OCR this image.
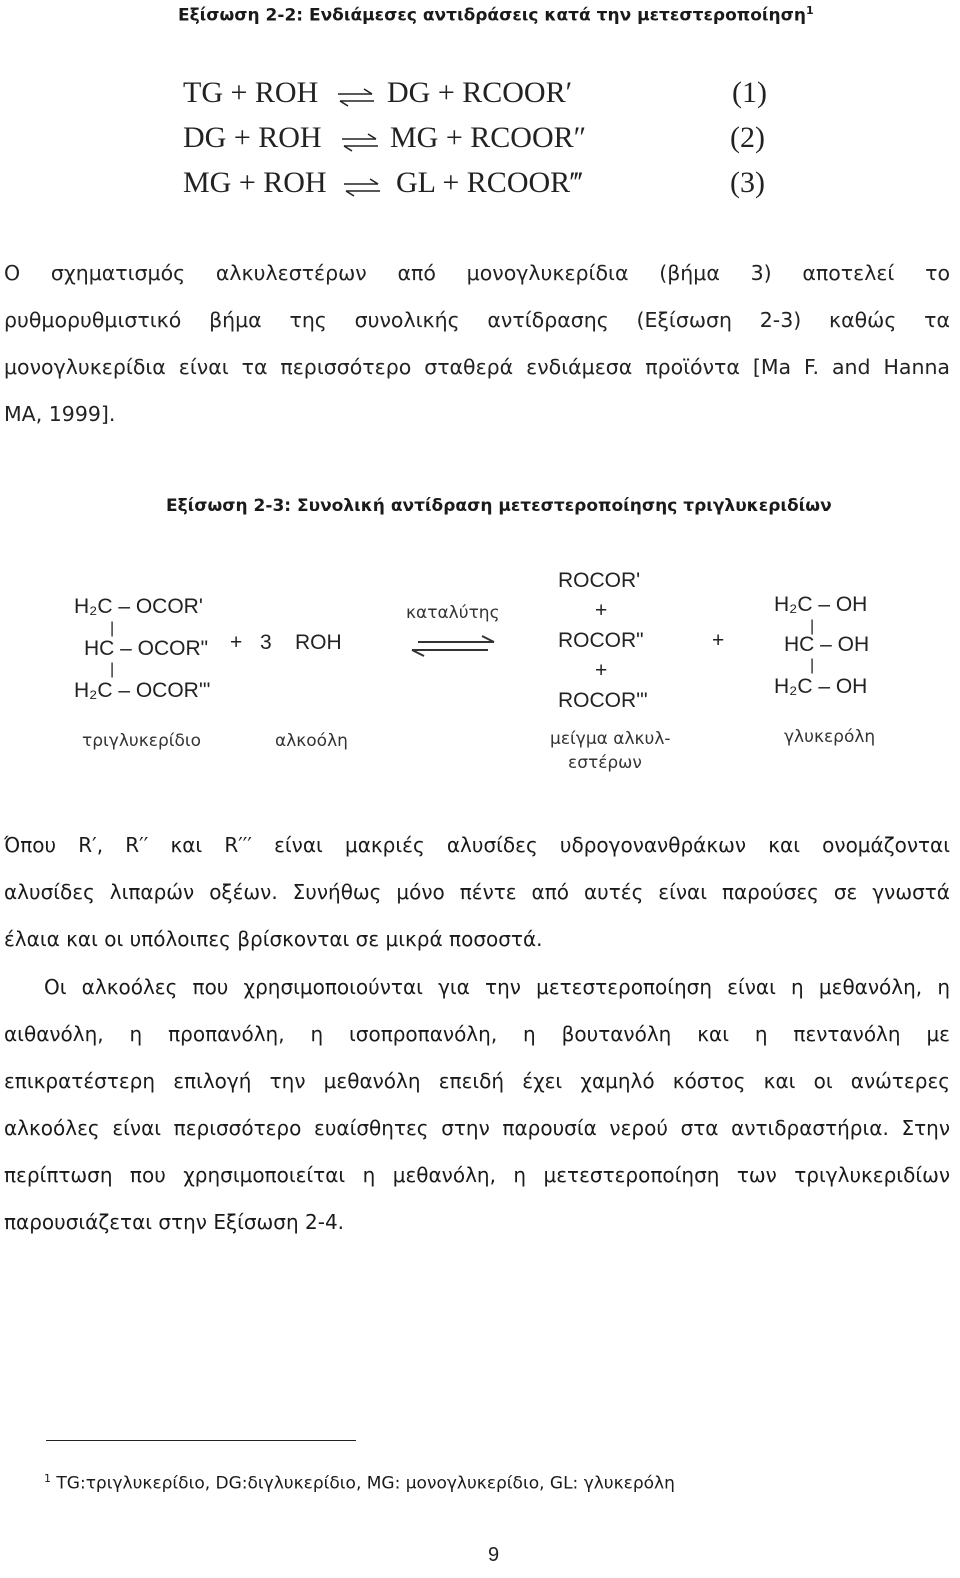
Εξίσωση 2-2: Ενδιάμεσες αντιδράσεις κατά την μετεστεροποίηση$^1$
TG + ROH ⇌ DG + RCOOR′	(1)
DG + ROH ⇌ MG + RCOOR″	(2)
MG + ROH ⇌ GL + RCOOR‴	(3)
Ο σχηματισμός αλκυλεστέρων από μονογλυκερίδια (βήμα 3) αποτελεί το
ρυθμορυθμιστικό βήμα της συνολικής αντίδρασης (Εξίσωση 2-3) καθώς τα
μονογλυκερίδια είναι τα περισσότερο σταθερά ενδιάμεσα προϊόντα [Ma F. and Hanna
MA, 1999].
Εξίσωση 2-3: Συνολική αντίδραση μετεστεροποίησης τριγλυκεριδίων
H₂C – OCOR'
|
HC – OCOR"
|
H₂C – OCOR'"
+ 3 ROH
καταλύτης
ROCOR'
+
ROCOR"
+
ROCOR'"
+
H₂C – OH
|
HC – OH
|
H₂C – OH
τριγλυκερίδιο	αλκοόλη	μείγμα αλκυλ-
εστέρων
γλυκερόλη
Όπου R′, R′′ και R′′′ είναι μακριές αλυσίδες υδρογονανθράκων και ονομάζονται
αλυσίδες λιπαρών οξέων. Συνήθως μόνο πέντε από αυτές είναι παρούσες σε γνωστά
έλαια και οι υπόλοιπες βρίσκονται σε μικρά ποσοστά.
Οι αλκοόλες που χρησιμοποιούνται για την μετεστεροποίηση είναι η μεθανόλη, η
αιθανόλη, η προπανόλη, η ισοπροπανόλη, η βουτανόλη και η πεντανόλη με
επικρατέστερη επιλογή την μεθανόλη επειδή έχει χαμηλό κόστος και οι ανώτερες
αλκοόλες είναι περισσότερο ευαίσθητες στην παρουσία νερού στα αντιδραστήρια. Στην
περίπτωση που χρησιμοποιείται η μεθανόλη, η μετεστεροποίηση των τριγλυκεριδίων
παρουσιάζεται στην Εξίσωση 2-4.
$^1$ TG:τριγλυκερίδιο, DG:διγλυκερίδιο, MG: μονογλυκερίδιο, GL: γλυκερόλη
9
